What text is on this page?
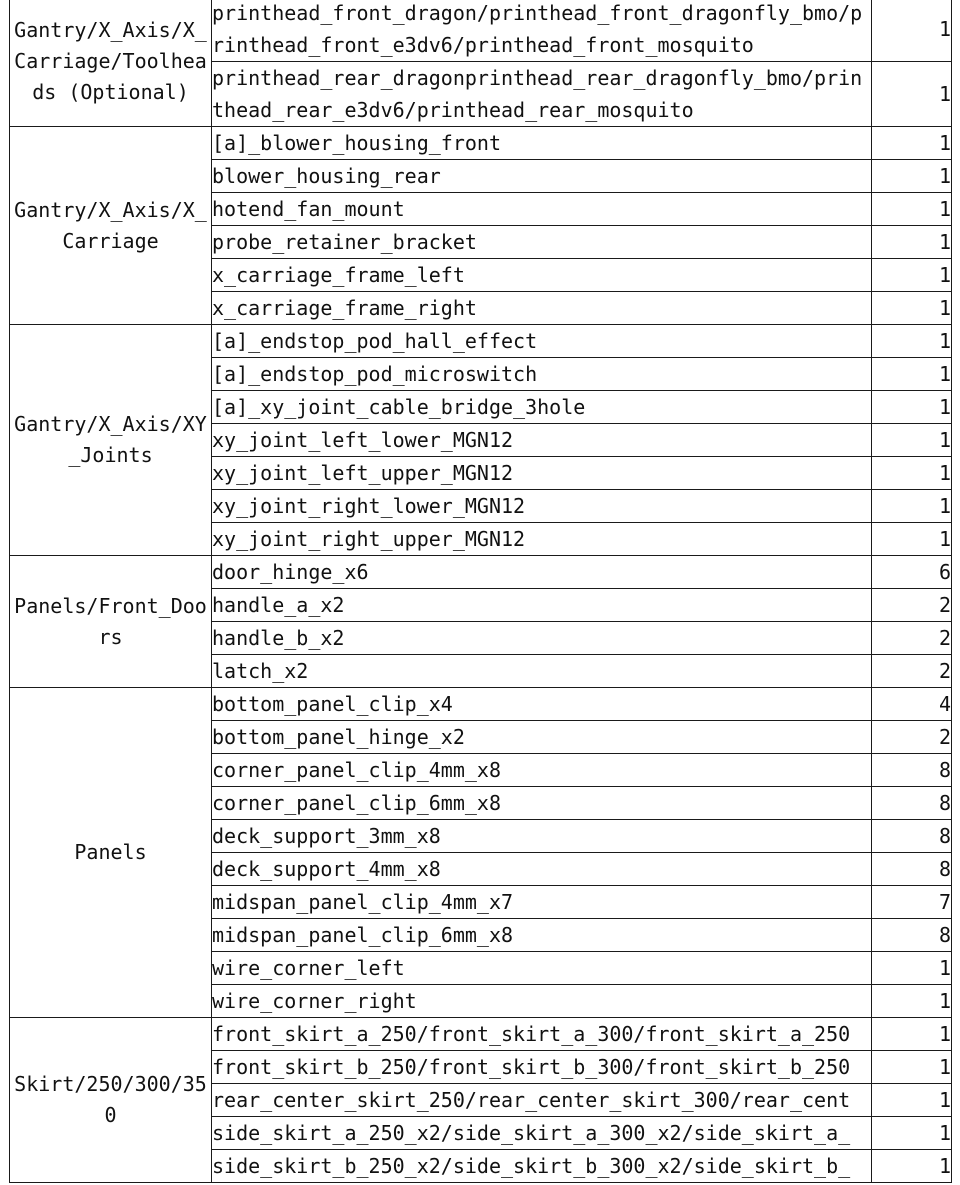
Gantry/X_Axis/X_Carriage/Toolheads (Optional)	printhead_front_dragon/printhead_front_dragonfly_bmo/printhead_front_e3dv6/printhead_front_mosquito	1
	printhead_rear_dragonprinthead_rear_dragonfly_bmo/printhead_rear_e3dv6/printhead_rear_mosquito	1
Gantry/X_Axis/X_Carriage	[a]_blower_housing_front	1
	blower_housing_rear	1
	hotend_fan_mount	1
	probe_retainer_bracket	1
	x_carriage_frame_left	1
	x_carriage_frame_right	1
Gantry/X_Axis/XY_Joints	[a]_endstop_pod_hall_effect	1
	[a]_endstop_pod_microswitch	1
	[a]_xy_joint_cable_bridge_3hole	1
	xy_joint_left_lower_MGN12	1
	xy_joint_left_upper_MGN12	1
	xy_joint_right_lower_MGN12	1
	xy_joint_right_upper_MGN12	1
Panels/Front_Doors	door_hinge_x6	6
	handle_a_x2	2
	handle_b_x2	2
	latch_x2	2
Panels	bottom_panel_clip_x4	4
	bottom_panel_hinge_x2	2
	corner_panel_clip_4mm_x8	8
	corner_panel_clip_6mm_x8	8
	deck_support_3mm_x8	8
	deck_support_4mm_x8	8
	midspan_panel_clip_4mm_x7	7
	midspan_panel_clip_6mm_x8	8
	wire_corner_left	1
	wire_corner_right	1
Skirt/250/300/350	front_skirt_a_250/front_skirt_a_300/front_skirt_a_250	1
	front_skirt_b_250/front_skirt_b_300/front_skirt_b_250	1
	rear_center_skirt_250/rear_center_skirt_300/rear_cent	1
	side_skirt_a_250_x2/side_skirt_a_300_x2/side_skirt_a_	1
	side_skirt_b_250_x2/side_skirt_b_300_x2/side_skirt_b_	1
